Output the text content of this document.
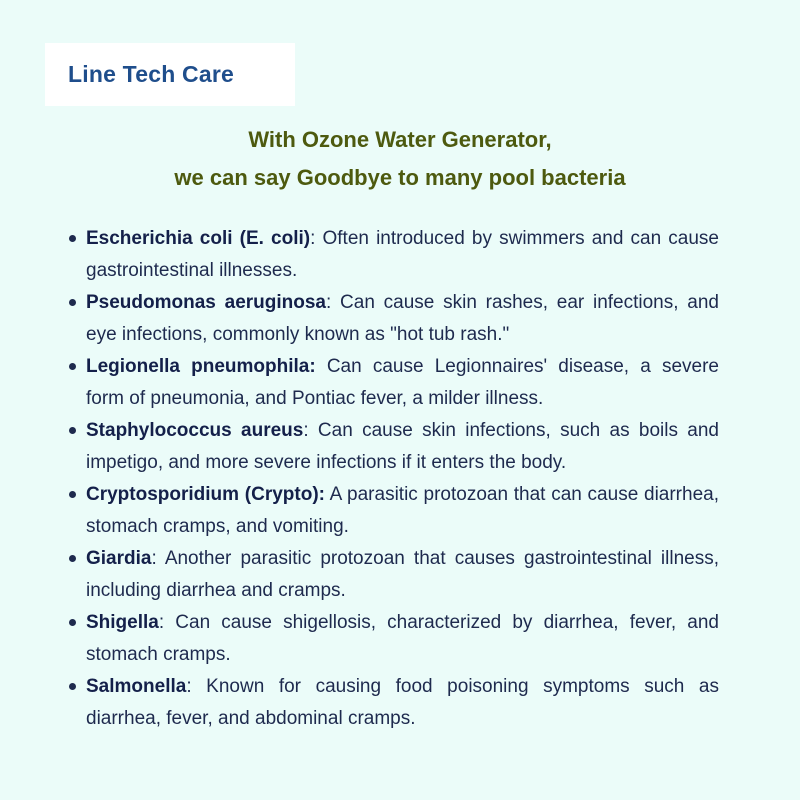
Line Tech Care
With Ozone Water Generator,
we can say Goodbye to many pool bacteria
Escherichia coli (E. coli): Often introduced by swimmers and can cause gastrointestinal illnesses.
Pseudomonas aeruginosa: Can cause skin rashes, ear infections, and eye infections, commonly known as "hot tub rash."
Legionella pneumophila: Can cause Legionnaires' disease, a severe form of pneumonia, and Pontiac fever, a milder illness.
Staphylococcus aureus: Can cause skin infections, such as boils and impetigo, and more severe infections if it enters the body.
Cryptosporidium (Crypto): A parasitic protozoan that can cause diarrhea, stomach cramps, and vomiting.
Giardia: Another parasitic protozoan that causes gastrointestinal illness, including diarrhea and cramps.
Shigella: Can cause shigellosis, characterized by diarrhea, fever, and stomach cramps.
Salmonella: Known for causing food poisoning symptoms such as diarrhea, fever, and abdominal cramps.
